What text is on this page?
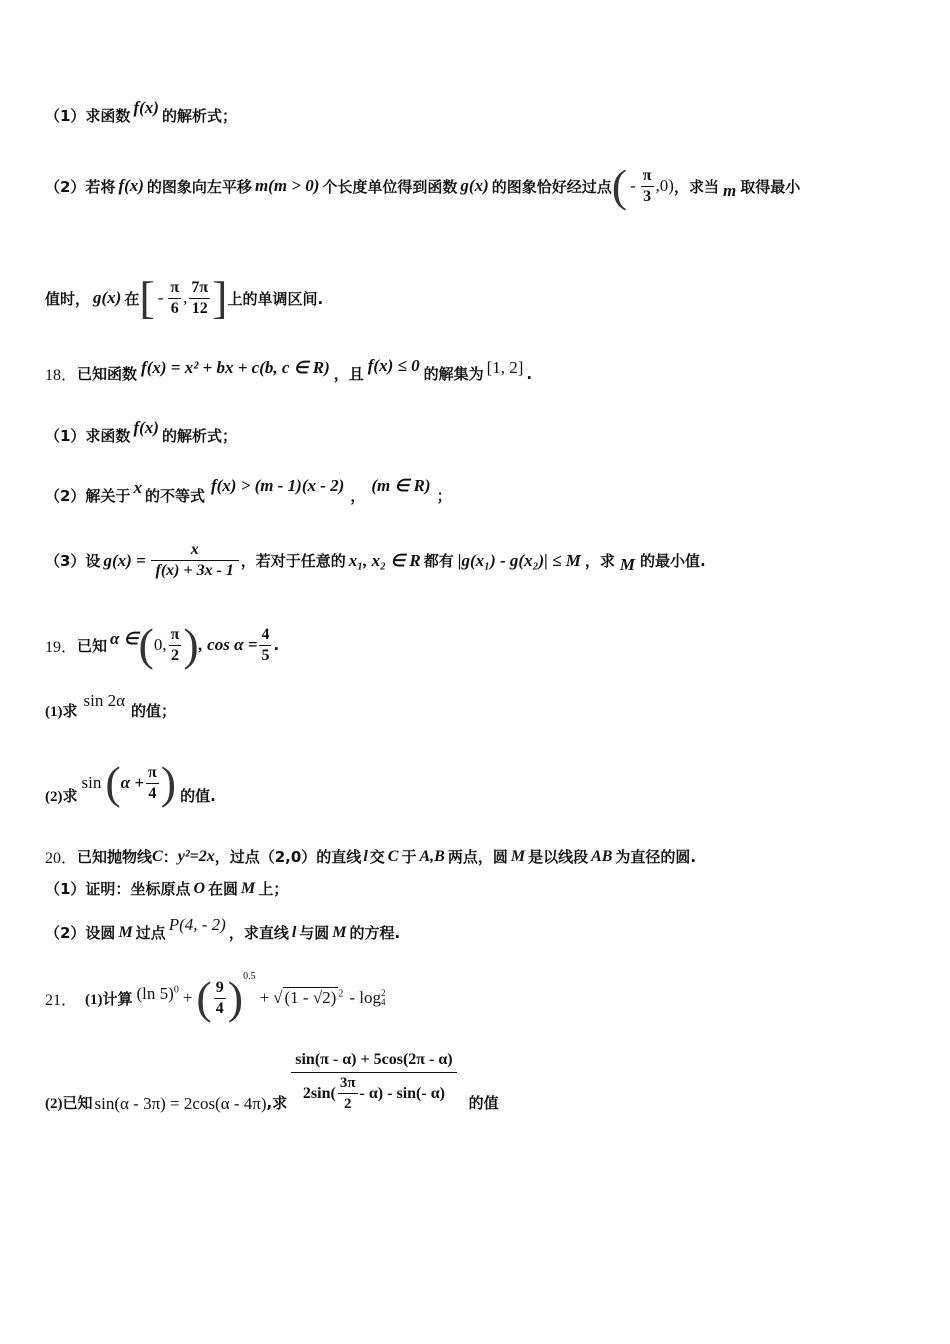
（1）求函数 f(x) 的解析式；
（2）若将 f(x) 的图象向左平移 m(m > 0) 个长度单位得到函数 g(x) 的图象恰好经过点 ( - $\frac{\pi}{3} ,0$) ，求当 m 取得最小
值时， g(x) 在 [ - $\frac{\pi}{6}$ , $\frac{7\pi}{12}$ ] 上的单调区间.
18． 已知函数 f(x) = x² + bx + c(b, c ∈ R) ，且 f(x) ≤ 0 的解集为 [1, 2] .
（1）求函数 f(x) 的解析式；
（2）解关于 x 的不等式
f(x) > (m - 1)(x - 2)
，
(m ∈ R)
；
（3）设 $g(x) = \frac{x}{f(x) + 3x - 1}$ ，若对于任意的 x₁, x₂ ∈ R 都有 |g(x₁) - g(x₂)| ≤ M ，求 M 的最小值.
19． 已知 α ∈ ( 0, $\frac{\pi}{2}$ ) , $\cos \alpha = \frac{4}{5}$ .
(1)求
sin 2α
的值；
(2)求
sin ( $\alpha + \frac{\pi}{4}$ ) 的值.
20． 已知抛物线 C ： y²=2x ，过点（2,0）的直线 l 交 C 于 A,B 两点，圆 M 是以线段 AB 为直径的圆.
（1）证明：坐标原点 O 在圆 M 上；
（2）设圆 M 过点 P(4, - 2) ，求直线 l 与圆 M 的方程.
21． (1)计算 (ln 5)$^0$ + ( $\frac{9}{4}$ ) 0.5
+ √ (1 - √2) $^2$ - log 2
4
(2)已知 sin(α - 3π) = 2cos(α - 4π) ,求
sin(π - α) + 5cos(2π - α)
$2\sin( \frac{3\pi}{2} - \alpha) - \sin(-$ α)
的值
